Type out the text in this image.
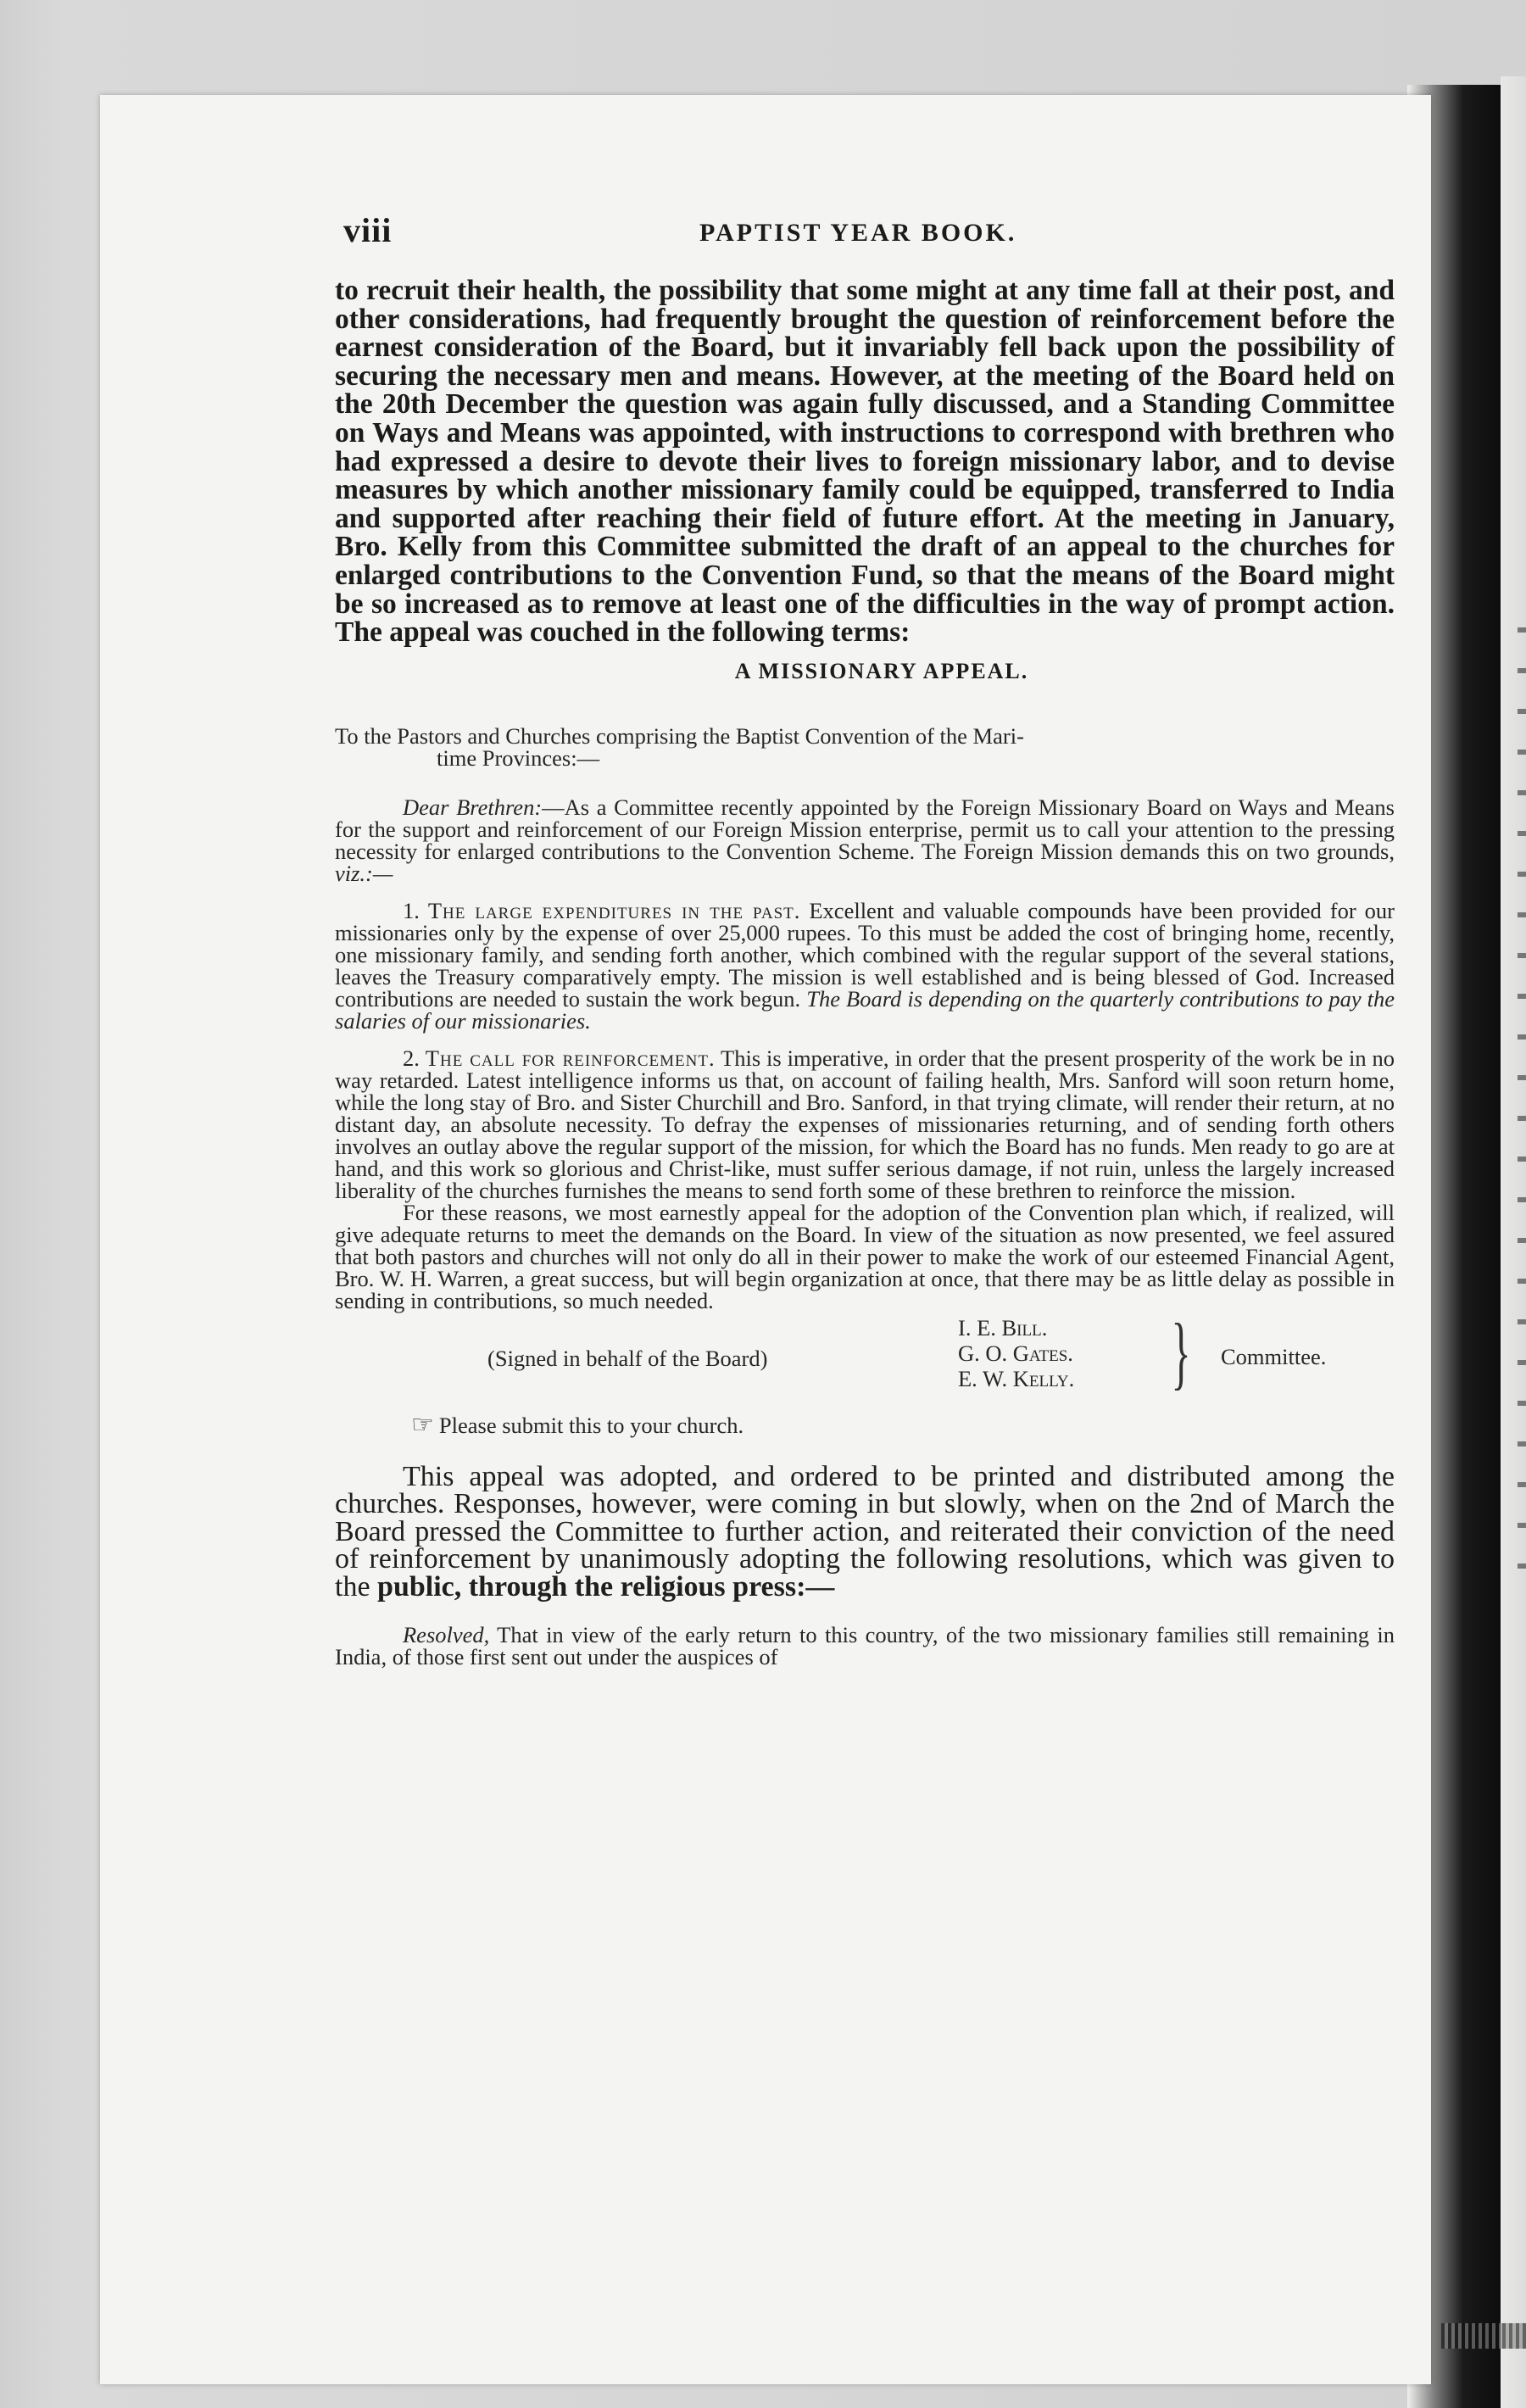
viii	PAPTIST YEAR BOOK.

to recruit their health, the possibility that some might at any time fall at their post, and other considerations, had frequently brought the question of reinforcement before the earnest consideration of the Board, but it invariably fell back upon the possibility of securing the necessary men and means. However, at the meeting of the Board held on the 20th December the question was again fully discussed, and a Standing Committee on Ways and Means was appointed, with instructions to correspond with brethren who had expressed a desire to devote their lives to foreign missionary labor, and to devise measures by which another missionary family could be equipped, transferred to India and supported after reaching their field of future effort. At the meeting in January, Bro. Kelly from this Committee submitted the draft of an appeal to the churches for enlarged contributions to the Convention Fund, so that the means of the Board might be so increased as to remove at least one of the difficulties in the way of prompt action. The appeal was couched in the following terms:

A MISSIONARY APPEAL.

To the Pastors and Churches comprising the Baptist Convention of the Mari-
time Provinces:—

Dear Brethren:—As a Committee recently appointed by the Foreign Missionary Board on Ways and Means for the support and reinforcement of our Foreign Mission enterprise, permit us to call your attention to the pressing necessity for enlarged contributions to the Convention Scheme. The Foreign Mission demands this on two grounds, viz.:—

1. The large expenditures in the past. Excellent and valuable compounds have been provided for our missionaries only by the expense of over 25,000 rupees. To this must be added the cost of bringing home, recently, one missionary family, and sending forth another, which combined with the regular support of the several stations, leaves the Treasury comparatively empty. The mission is well established and is being blessed of God. Increased contributions are needed to sustain the work begun. The Board is depending on the quarterly contributions to pay the salaries of our missionaries.

2. The call for reinforcement. This is imperative, in order that the present prosperity of the work be in no way retarded. Latest intelligence informs us that, on account of failing health, Mrs. Sanford will soon return home, while the long stay of Bro. and Sister Churchill and Bro. Sanford, in that trying climate, will render their return, at no distant day, an absolute necessity. To defray the expenses of missionaries returning, and of sending forth others involves an outlay above the regular support of the mission, for which the Board has no funds. Men ready to go are at hand, and this work so glorious and Christ-like, must suffer serious damage, if not ruin, unless the largely increased liberality of the churches furnishes the means to send forth some of these brethren to reinforce the mission.

For these reasons, we most earnestly appeal for the adoption of the Convention plan which, if realized, will give adequate returns to meet the demands on the Board. In view of the situation as now presented, we feel assured that both pastors and churches will not only do all in their power to make the work of our esteemed Financial Agent, Bro. W. H. Warren, a great success, but will begin organization at once, that there may be as little delay as possible in sending in contributions, so much needed.

(Signed in behalf of the Board)
I. E. Bill.
G. O. Gates.
E. W. Kelly. } Committee.
☞ Please submit this to your church.

This appeal was adopted, and ordered to be printed and distributed among the churches. Responses, however, were coming in but slowly, when on the 2nd of March the Board pressed the Committee to further action, and reiterated their conviction of the need of reinforcement by unanimously adopting the following resolutions, which was given to the public, through the religious press:—

Resolved, That in view of the early return to this country, of the two missionary families still remaining in India, of those first sent out under the auspices of
